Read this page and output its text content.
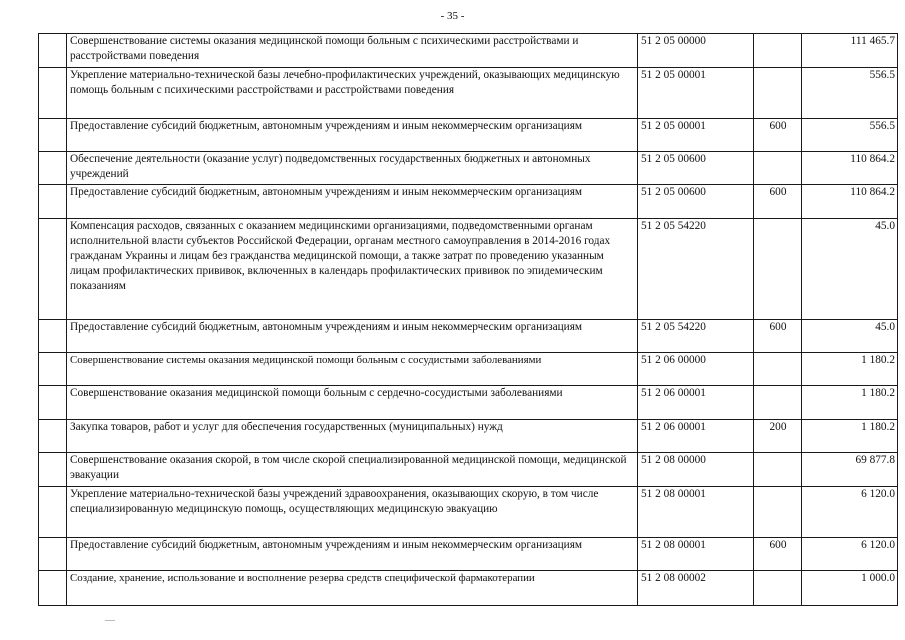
- 35 -
	Совершенствование системы оказания медицинской помощи больным с психическими расстройствами и расстройствами поведения	51 2 05 00000		111 465.7
	Укрепление материально-технической базы лечебно-профилактических учреждений, оказывающих медицинскую помощь больным с психическими расстройствами и расстройствами поведения	51 2 05 00001		556.5
	Предоставление субсидий бюджетным, автономным учреждениям и иным некоммерческим организациям	51 2 05 00001	600	556.5
	Обеспечение деятельности (оказание услуг) подведомственных государственных бюджетных и автономных учреждений	51 2 05 00600		110 864.2
	Предоставление субсидий бюджетным, автономным учреждениям и иным некоммерческим организациям	51 2 05 00600	600	110 864.2
	Компенсация расходов, связанных с оказанием медицинскими организациями, подведомственными органам исполнительной власти субъектов Российской Федерации, органам местного самоуправления в 2014-2016 годах гражданам Украины и лицам без гражданства медицинской помощи, а также затрат по проведению указанным лицам профилактических прививок, включенных в календарь профилактических прививок по эпидемическим показаниям	51 2 05 54220		45.0
	Предоставление субсидий бюджетным, автономным учреждениям и иным некоммерческим организациям	51 2 05 54220	600	45.0
	Совершенствование системы оказания медицинской помощи больным с сосудистыми заболеваниями	51 2 06 00000		1 180.2
	Совершенствование оказания медицинской помощи больным с сердечно-сосудистыми заболеваниями	51 2 06 00001		1 180.2
	Закупка товаров, работ и услуг для обеспечения государственных (муниципальных) нужд	51 2 06 00001	200	1 180.2
	Совершенствование оказания скорой, в том числе скорой специализированной медицинской помощи, медицинской эвакуации	51 2 08 00000		69 877.8
	Укрепление материально-технической базы учреждений здравоохранения, оказывающих скорую, в том числе специализированную медицинскую помощь, осуществляющих медицинскую эвакуацию	51 2 08 00001		6 120.0
	Предоставление субсидий бюджетным, автономным учреждениям и иным некоммерческим организациям	51 2 08 00001	600	6 120.0
	Создание, хранение, использование и восполнение резерва средств специфической фармакотерапии	51 2 08 00002		1 000.0
